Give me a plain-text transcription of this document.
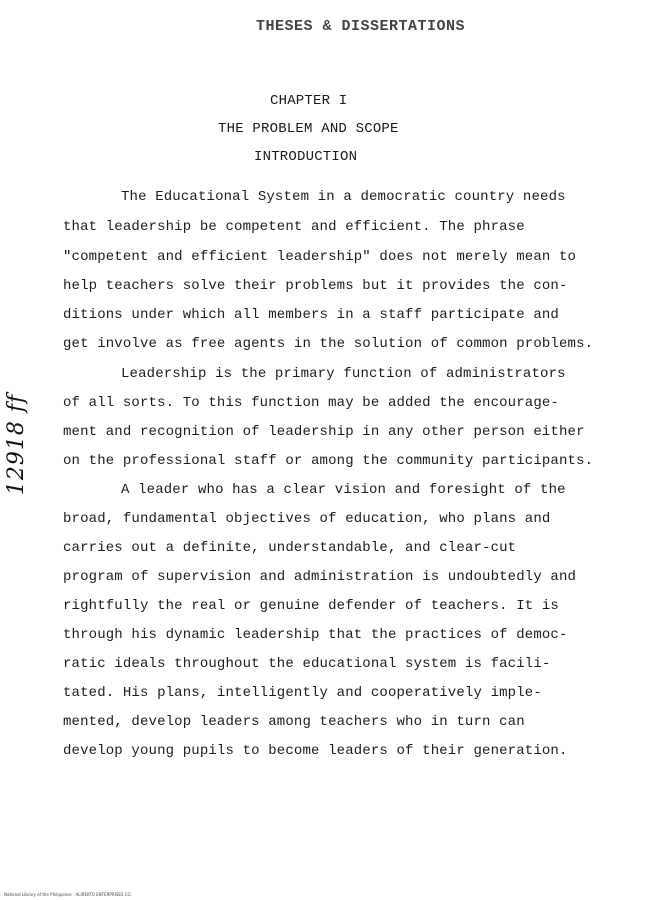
THESES & DISSERTATIONS
CHAPTER I
THE PROBLEM AND SCOPE
INTRODUCTION
The Educational System in a democratic country needs
that leadership be competent and efficient. The phrase
"competent and efficient leadership" does not merely mean to
help teachers solve their problems but it provides the con-
ditions under which all members in a staff participate and
get involve as free agents in the solution of common problems.
Leadership is the primary function of administrators
of all sorts. To this function may be added the encourage-
ment and recognition of leadership in any other person either
on the professional staff or among the community participants.
A leader who has a clear vision and foresight of the
broad, fundamental objectives of education, who plans and
carries out a definite, understandable, and clear-cut
program of supervision and administration is undoubtedly and
rightfully the real or genuine defender of teachers. It is
through his dynamic leadership that the practices of democ-
ratic ideals throughout the educational system is facili-
tated. His plans, intelligently and cooperatively imple-
mented, develop leaders among teachers who in turn can
develop young pupils to become leaders of their generation.
12918 ff
National Library of the Philippines · ALIREKTO ENTERPRISES CO.
